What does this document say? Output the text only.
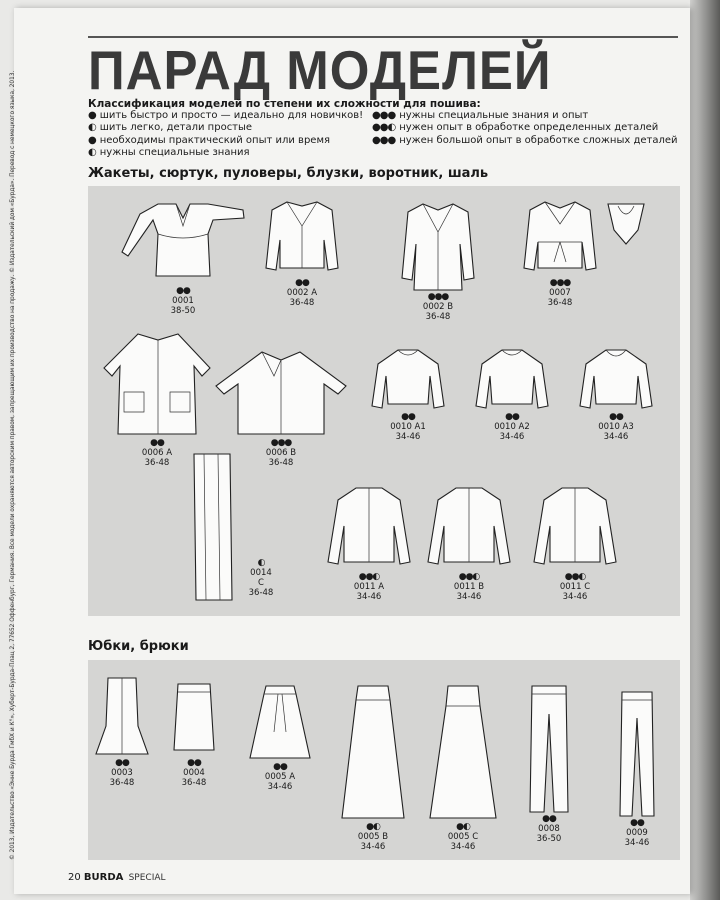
© 2013, Издательство «Энне Бурда ГмбХ и К°», Хуберт-Бурда-Плац 2, 77652 Оффенбург, Германия. Все модели охраняются авторским правом, запрещающим их производство на продажу. © Издательский дом «Бурда». Перевод с немецкого языка, 2013.
ПАРАД МОДЕЛЕЙ
Классификация моделей по степени их сложности для пошива:
● шить быстро и просто — идеально для новичков!
◐ шить легко, детали простые
● необходимы практический опыт или время
◐ нужны специальные знания
●●● нужны специальные знания и опыт
●●◐ нужен опыт в обработке определенных деталей
●●● нужен большой опыт в обработке сложных деталей
Жакеты, сюртук, пуловеры, блузки, воротник, шаль
Юбки, брюки
●●
0001
38-50
●●
0002 A
36-48
●●●
0002 B
36-48
●●●
0007
36-48
●●
0006 A
36-48
●●●
0006 B
36-48
●●
0010 A1
34-46
●●
0010 A2
34-46
●●
0010 A3
34-46
◐
0014 C
36-48
●●◐
0011 A
34-46
●●◐
0011 B
34-46
●●◐
0011 C
34-46
●●
0003
36-48
●●
0004
36-48
●●
0005 A
34-46
●◐
0005 B
34-46
●◐
0005 C
34-46
●●
0008
36-50
●●
0009
34-46
20 BURDA SPECIAL
